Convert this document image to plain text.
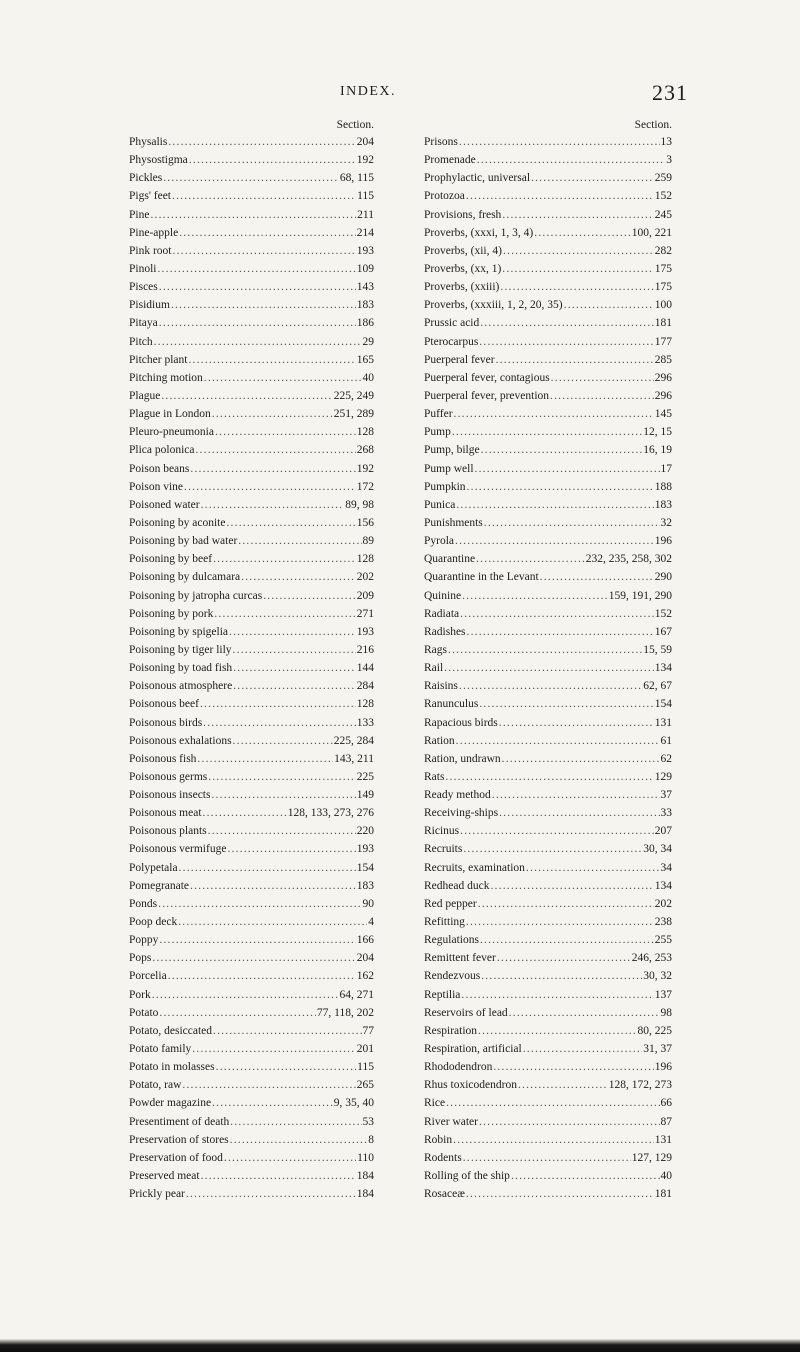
INDEX.	231
Section.
Physalis .....	204
Physostigma .....	192
Pickles .....	68, 115
Pigs' feet .....	115
Pine .....	211
Pine-apple .....	214
Pink root .....	193
Pinoli .....	109
Pisces .....	143
Pisidium .....	183
Pitaya .....	186
Pitch .....	29
Pitcher plant .....	165
Pitching motion .....	40
Plague .....	225, 249
Plague in London .....	251, 289
Pleuro-pneumonia .....	128
Plica polonica .....	268
Poison beans .....	192
Poison vine .....	172
Poisoned water .....	89, 98
Poisoning by aconite .....	156
Poisoning by bad water .....	89
Poisoning by beef .....	128
Poisoning by dulcamara .....	202
Poisoning by jatropha curcas .....	209
Poisoning by pork .....	271
Poisoning by spigelia .....	193
Poisoning by tiger lily .....	216
Poisoning by toad fish .....	144
Poisonous atmosphere .....	284
Poisonous beef .....	128
Poisonous birds .....	133
Poisonous exhalations .....	225, 284
Poisonous fish .....	143, 211
Poisonous germs .....	225
Poisonous insects .....	149
Poisonous meat .....	128, 133, 273, 276
Poisonous plants .....	220
Poisonous vermifuge .....	193
Polypetala .....	154
Pomegranate .....	183
Ponds .....	90
Poop deck .....	4
Poppy .....	166
Pops .....	204
Porcelia .....	162
Pork .....	64, 271
Potato .....	77, 118, 202
Potato, desiccated .....	77
Potato family .....	201
Potato in molasses .....	115
Potato, raw .....	265
Powder magazine .....	9, 35, 40
Presentiment of death .....	53
Preservation of stores .....	8
Preservation of food .....	110
Preserved meat .....	184
Prickly pear .....	184
Section.
Prisons .....	13
Promenade .....	3
Prophylactic, universal .....	259
Protozoa .....	152
Provisions, fresh .....	245
Proverbs, (xxxi, 1, 3, 4) .....	100, 221
Proverbs, (xii, 4) .....	282
Proverbs, (xx, 1) .....	175
Proverbs, (xxiii) .....	175
Proverbs, (xxxiii, 1, 2, 20, 35) .....	100
Prussic acid .....	181
Pterocarpus .....	177
Puerperal fever .....	285
Puerperal fever, contagious .....	296
Puerperal fever, prevention .....	296
Puffer .....	145
Pump .....	12, 15
Pump, bilge .....	16, 19
Pump well .....	17
Pumpkin .....	188
Punica .....	183
Punishments .....	32
Pyrola .....	196
Quarantine .....	232, 235, 258, 302
Quarantine in the Levant .....	290
Quinine .....	159, 191, 290
Radiata .....	152
Radishes .....	167
Rags .....	15, 59
Rail .....	134
Raisins .....	62, 67
Ranunculus .....	154
Rapacious birds .....	131
Ration .....	61
Ration, undrawn .....	62
Rats .....	129
Ready method .....	37
Receiving-ships .....	33
Ricinus .....	207
Recruits .....	30, 34
Recruits, examination .....	34
Redhead duck .....	134
Red pepper .....	202
Refitting .....	238
Regulations .....	255
Remittent fever .....	246, 253
Rendezvous .....	30, 32
Reptilia .....	137
Reservoirs of lead .....	98
Respiration .....	80, 225
Respiration, artificial .....	31, 37
Rhododendron .....	196
Rhus toxicodendron .....	128, 172, 273
Rice .....	66
River water .....	87
Robin .....	131
Rodents .....	127, 129
Rolling of the ship .....	40
Rosaceæ .....	181
